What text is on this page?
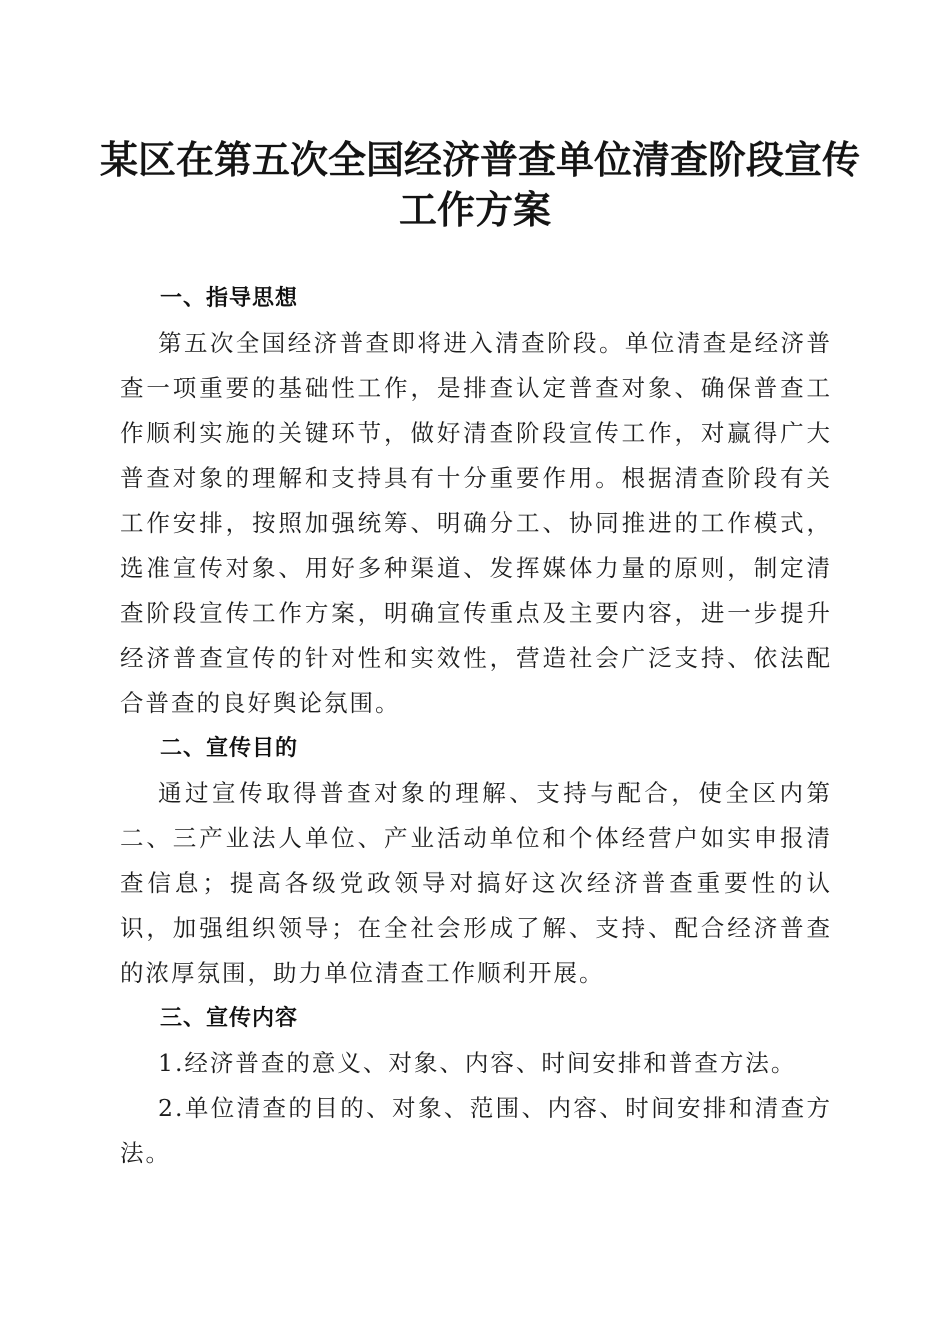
某区在第五次全国经济普查单位清查阶段宣传
工作方案
一、指导思想

第五次全国经济普查即将进入清查阶段。单位清查是经济普查一项重要的基础性工作，是排查认定普查对象、确保普查工作顺利实施的关键环节，做好清查阶段宣传工作，对赢得广大普查对象的理解和支持具有十分重要作用。根据清查阶段有关工作安排，按照加强统筹、明确分工、协同推进的工作模式，选准宣传对象、用好多种渠道、发挥媒体力量的原则，制定清查阶段宣传工作方案，明确宣传重点及主要内容，进一步提升经济普查宣传的针对性和实效性，营造社会广泛支持、依法配合普查的良好舆论氛围。

二、宣传目的

通过宣传取得普查对象的理解、支持与配合，使全区内第二、三产业法人单位、产业活动单位和个体经营户如实申报清查信息；提高各级党政领导对搞好这次经济普查重要性的认识，加强组织领导；在全社会形成了解、支持、配合经济普查的浓厚氛围，助力单位清查工作顺利开展。

三、宣传内容

1.经济普查的意义、对象、内容、时间安排和普查方法。

2.单位清查的目的、对象、范围、内容、时间安排和清查方法。
